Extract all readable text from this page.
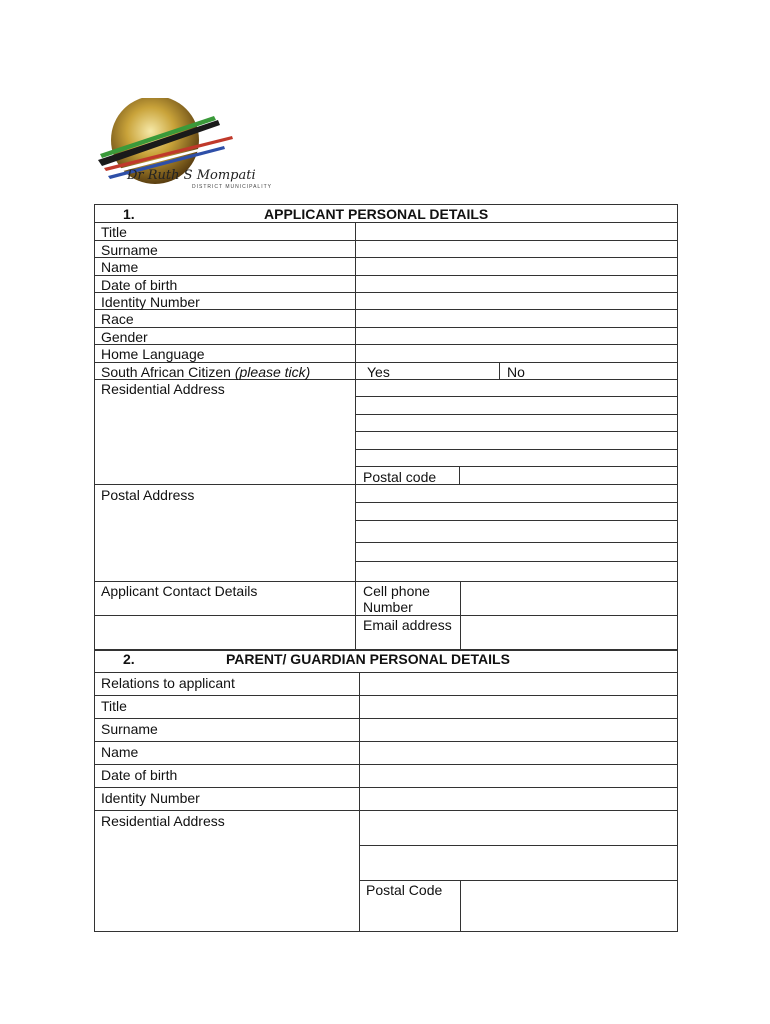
Dr Ruth S Mompati
DISTRICT MUNICIPALITY
1.	APPLICANT PERSONAL DETAILS
Title
Surname
Name
Date of birth
Identity Number
Race
Gender
Home Language
South African Citizen (please tick)	Yes	No
Residential Address
Postal code
Postal Address
Applicant Contact Details	Cell phone Number
Email address
2.	PARENT/ GUARDIAN PERSONAL DETAILS
Relations to applicant
Title
Surname
Name
Date of birth
Identity Number
Residential Address
Postal Code
